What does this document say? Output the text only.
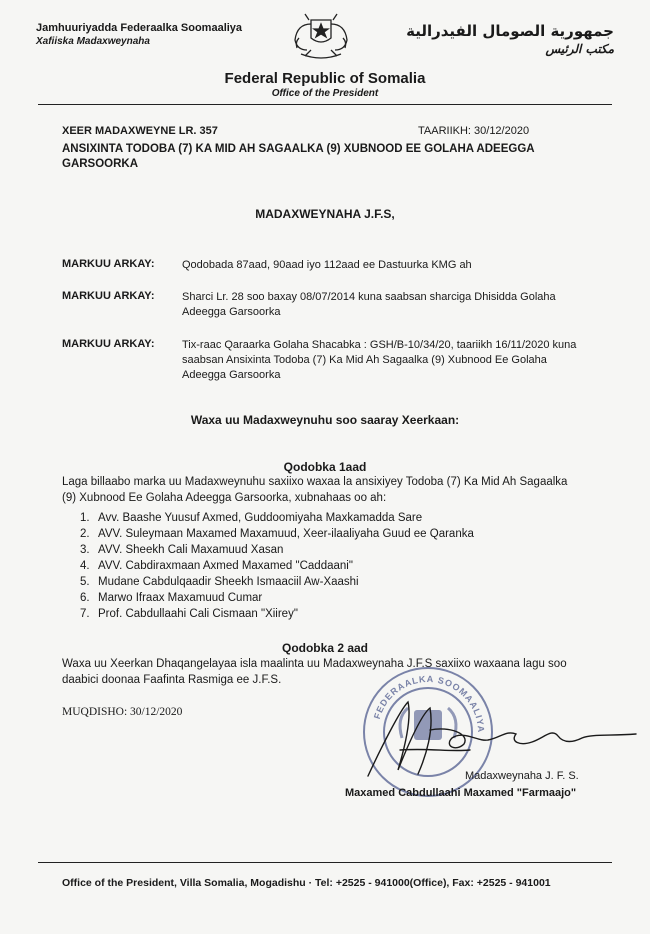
Jamhuuriyadda Federaalka Soomaaliya
Xafiiska Madaxweynaha
جمهورية الصومال الفيدرالية
مكتب الرئيس
Federal Republic of Somalia
Office of the President
XEER MADAXWEYNE LR. 357	TAARIIKH: 30/12/2020
ANSIXINTA TODOBA (7) KA MID AH SAGAALKA (9) XUBNOOD EE GOLAHA ADEEGGA GARSOORKA
MADAXWEYNAHA J.F.S,
MARKUU ARKAY:	Qodobada 87aad, 90aad iyo 112aad ee Dastuurka KMG ah
MARKUU ARKAY:	Sharci Lr. 28 soo baxay 08/07/2014 kuna saabsan sharciga Dhisidda Golaha Adeegga Garsoorka
MARKUU ARKAY:	Tix-raac Qaraarka Golaha Shacabka : GSH/B-10/34/20, taariikh 16/11/2020 kuna saabsan Ansixinta Todoba (7) Ka Mid Ah Sagaalka (9) Xubnood Ee Golaha Adeegga Garsoorka
Waxa uu Madaxweynuhu soo saaray Xeerkaan:
Qodobka 1aad
Laga billaabo marka uu Madaxweynuhu saxiixo waxaa la ansixiyey Todoba (7) Ka Mid Ah Sagaalka (9) Xubnood Ee Golaha Adeegga Garsoorka, xubnahaas oo ah:
1. Avv. Baashe Yuusuf Axmed, Guddoomiyaha Maxkamadda Sare
2. AVV. Suleymaan Maxamed Maxamuud, Xeer-ilaaliyaha Guud ee Qaranka
3. AVV. Sheekh Cali Maxamuud Xasan
4. AVV. Cabdiraxmaan Axmed Maxamed "Caddaani"
5. Mudane Cabdulqaadir Sheekh Ismaaciil Aw-Xaashi
6. Marwo Ifraax Maxamuud Cumar
7. Prof. Cabdullaahi Cali Cismaan "Xiirey"
Qodobka 2 aad
Waxa uu Xeerkan Dhaqangelayaa isla maalinta uu Madaxweynaha J.F.S saxiixo waxaana lagu soo daabici doonaa Faafinta Rasmiga ee J.F.S.
MUQDISHO: 30/12/2020	FEDERAALKA SOOMAALIYA
Madaxweynaha J. F. S.
Maxamed Cabdullaahi Maxamed "Farmaajo"
Office of the President, Villa Somalia, Mogadishu · Tel: +2525 - 941000(Office), Fax: +2525 - 941001
